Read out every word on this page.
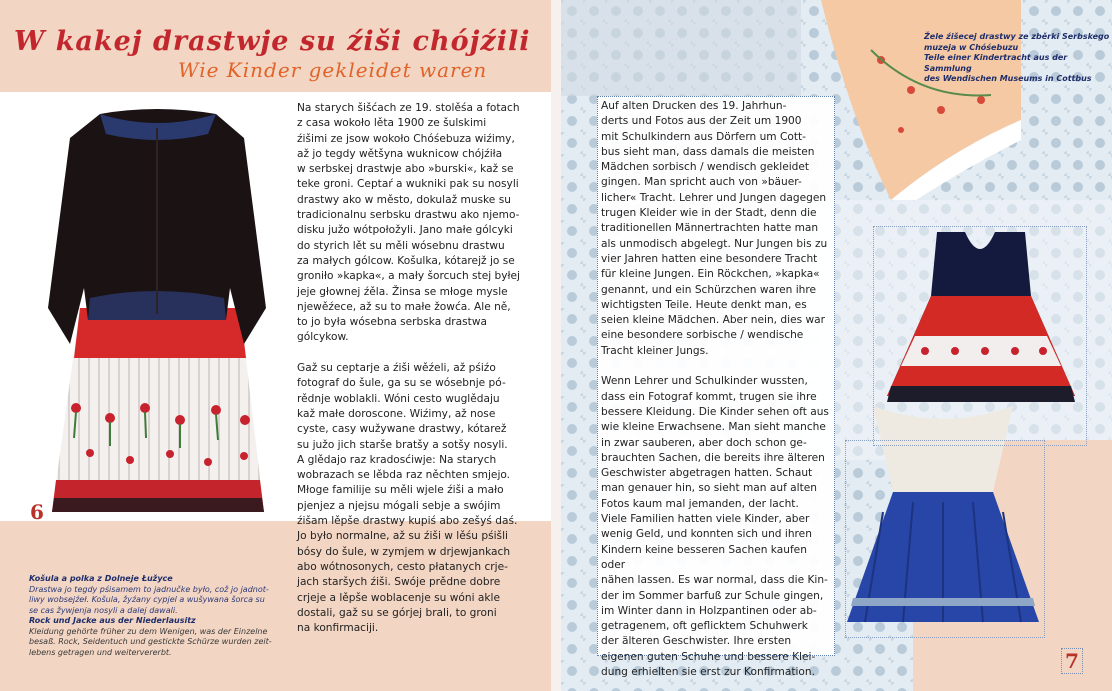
W kakej drastwje su źiši chójźili
Wie Kinder gekleidet waren
6
Košula a polka z Dolneje Łužyce
Drastwa jo tegdy pśisamem to jadnučke było, což jo jadnot-
liwy wobsejźeł. Košula, žyźany cypjel a wušywana šorca su
se cas žywjenja nosyli a dalej dawali.
Rock und Jacke aus der Niederlausitz
Kleidung gehörte früher zu dem Wenigen, was der Einzelne
besaß. Rock, Seidentuch und gestickte Schürze wurden zeit-
lebens getragen und weitervererbt.

Na starych šišćach ze 19. stolěśa a fotach
z casa wokoło lěta 1900 ze šulskimi
źišimi ze jsow wokoło Chóśebuza wiźimy,
až jo tegdy wětšyna wuknicow chójźiła
w serbskej drastwje abo »burski«, kaž se
teke groni. Ceptaŕ a wukniki pak su nosyli
drastwy ako w město, dokulaž muske su
tradicionalnu serbsku drastwu ako njemo-
disku južo wótpołožyli. Jano małe gólcyki
do styrich lět su měli wósebnu drastwu
za małych gólcow. Košulka, kótarejž jo se
groniło »kapka«, a mały šorcuch stej byłej
jeje głownej źěla. Žinsa se młoge mysle
njewěźece, až su to małe žowća. Ale ně,
to jo była wósebna serbska drastwa
gólcykow.

Gaž su ceptarje a źiši wěźeli, až pśiźo
fotograf do šule, ga su se wósebnje pó-
rědnje woblakli. Wóni cesto wuglědaju
kaž małe doroscone. Wiźimy, až nose
cyste, casy wužywane drastwy, kótarež
su južo jich starše bratšy a sotšy nosyli.
A glědajo raz kradosćiwje: Na starych
wobrazach se lěbda raz něchten smjejo.
Młoge familije su měli wjele źiši a mało
pjenjez a njejsu mógali sebje a swójim
źišam lěpše drastwy kupiś abo zešyś daś.
Jo było normalne, až su źiši w lěśu pśišli
bósy do šule, w zymjem w drjewjankach
abo wótnosonych, cesto płatanych crje-
jach staršych źiši. Swóje prědne dobre
crjeje a lěpše woblacenje su wóni akle
dostali, gaž su se górjej brali, to groni
na konfirmaciji.

Auf alten Drucken des 19. Jahrhun-
derts und Fotos aus der Zeit um 1900
mit Schulkindern aus Dörfern um Cott-
bus sieht man, dass damals die meisten
Mädchen sorbisch / wendisch gekleidet
gingen. Man spricht auch von »bäuer-
licher« Tracht. Lehrer und Jungen dagegen
trugen Kleider wie in der Stadt, denn die
traditionellen Männertrachten hatte man
als unmodisch abgelegt. Nur Jungen bis zu
vier Jahren hatten eine besondere Tracht
für kleine Jungen. Ein Röckchen, »kapka«
genannt, und ein Schürzchen waren ihre
wichtigsten Teile. Heute denkt man, es
seien kleine Mädchen. Aber nein, dies war
eine besondere sorbische / wendische
Tracht kleiner Jungs.

Wenn Lehrer und Schulkinder wussten,
dass ein Fotograf kommt, trugen sie ihre
bessere Kleidung. Die Kinder sehen oft aus
wie kleine Erwachsene. Man sieht manche
in zwar sauberen, aber doch schon ge-
brauchten Sachen, die bereits ihre älteren
Geschwister abgetragen hatten. Schaut
man genauer hin, so sieht man auf alten
Fotos kaum mal jemanden, der lacht.
Viele Familien hatten viele Kinder, aber
wenig Geld, und konnten sich und ihren
Kindern keine besseren Sachen kaufen oder
nähen lassen. Es war normal, dass die Kin-
der im Sommer barfuß zur Schule gingen,
im Winter dann in Holzpantinen oder ab-
getragenem, oft geflicktem Schuhwerk
der älteren Geschwister. Ihre ersten
eigenen guten Schuhe und bessere Klei-
dung erhielten sie erst zur Konfirmation.

Žele źišecej drastwy ze zběrki Serbskego
muzeja w Chóśebuzu
Teile einer Kindertracht aus der Sammlung
des Wendischen Museums in Cottbus
7
